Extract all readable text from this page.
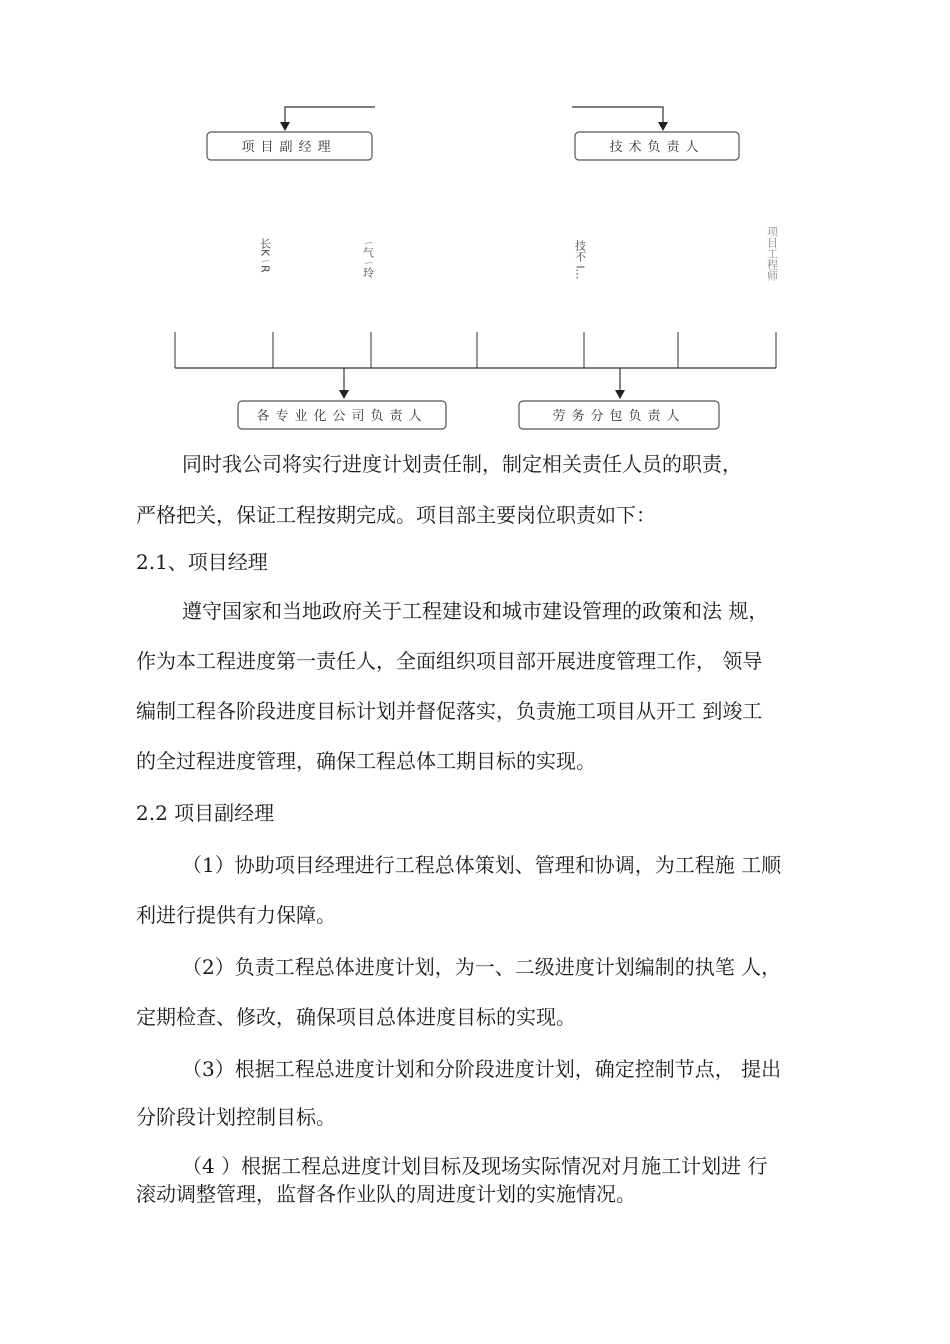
项目副经理	技术负责人
长KㄧR	ㄧ气ㄧ玲	技不 l…	项目工程师
各专业化公司负责人	劳务分包负责人

同时我公司将实行进度计划责任制，制定相关责任人员的职责，

严格把关，保证工程按期完成。项目部主要岗位职责如下：

2.1、项目经理

遵守国家和当地政府关于工程建设和城市建设管理的政策和法 规，

作为本工程进度第一责任人，全面组织项目部开展进度管理工作， 领导

编制工程各阶段进度目标计划并督促落实，负责施工项目从开工 到竣工

的全过程进度管理，确保工程总体工期目标的实现。

2.2 项目副经理

（1）协助项目经理进行工程总体策划、管理和协调，为工程施 工顺

利进行提供有力保障。

（2）负责工程总体进度计划，为一、二级进度计划编制的执笔 人，

定期检查、修改，确保项目总体进度目标的实现。

（3）根据工程总进度计划和分阶段进度计划，确定控制节点， 提出

分阶段计划控制目标。

（4 ）根据工程总进度计划目标及现场实际情况对月施工计划进 行

滚动调整管理，监督各作业队的周进度计划的实施情况。
